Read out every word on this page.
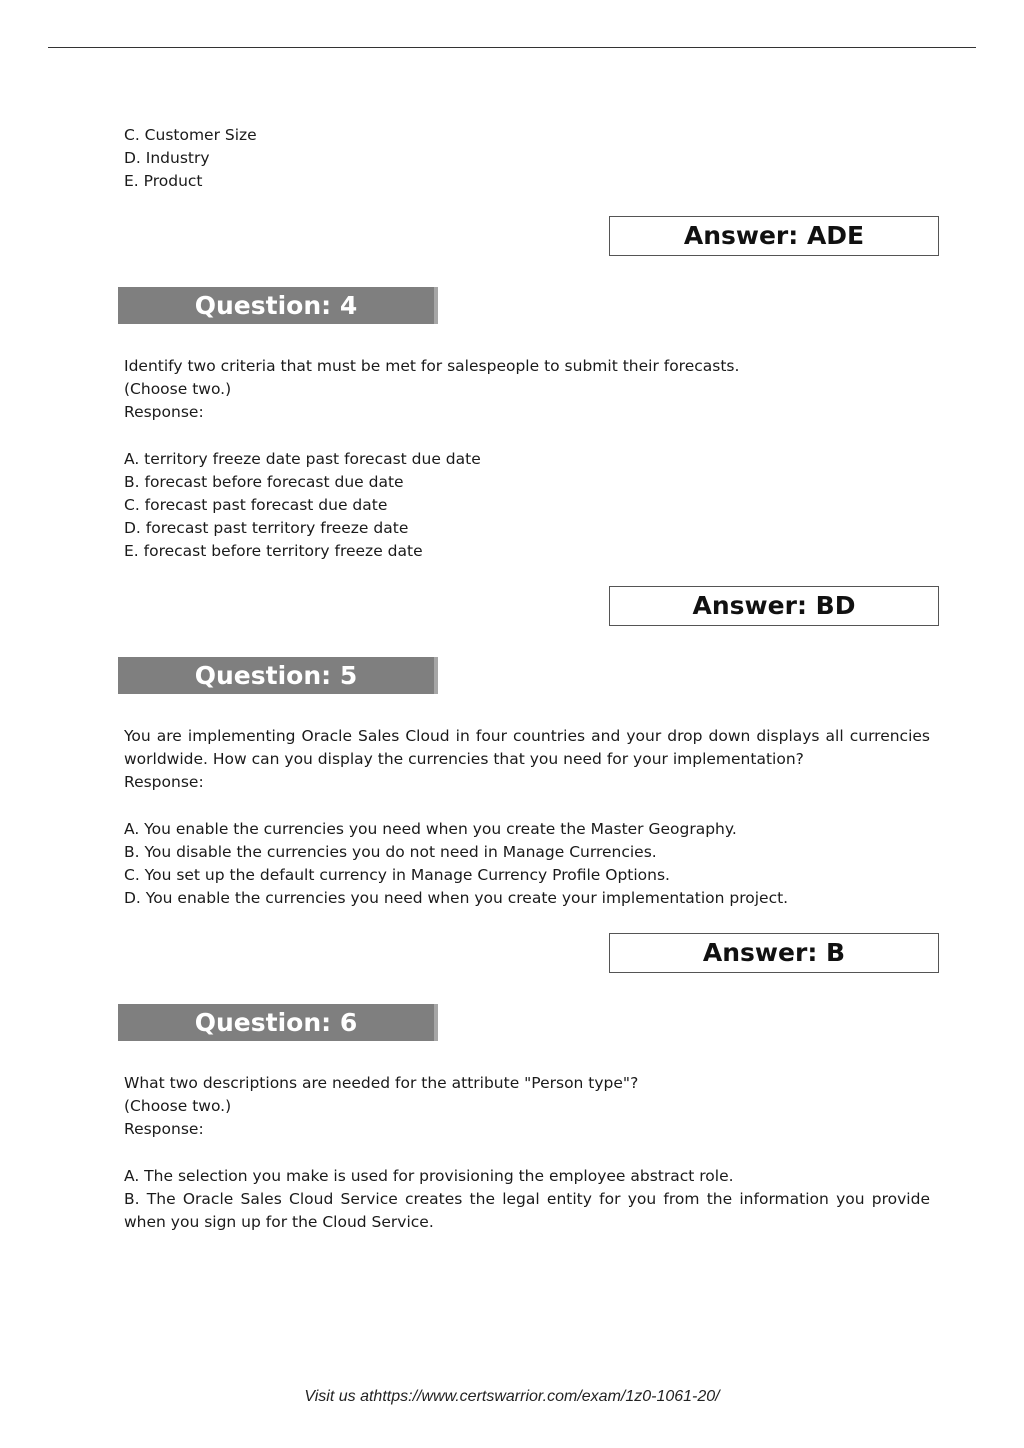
C. Customer Size
D. Industry
E. Product
Answer: ADE
Question: 4
Identify two criteria that must be met for salespeople to submit their forecasts.
(Choose two.)
Response:
A. territory freeze date past forecast due date
B. forecast before forecast due date
C. forecast past forecast due date
D. forecast past territory freeze date
E. forecast before territory freeze date
Answer: BD
Question: 5
You are implementing Oracle Sales Cloud in four countries and your drop down displays all currencies worldwide. How can you display the currencies that you need for your implementation?
Response:
A. You enable the currencies you need when you create the Master Geography.
B. You disable the currencies you do not need in Manage Currencies.
C. You set up the default currency in Manage Currency Profile Options.
D. You enable the currencies you need when you create your implementation project.
Answer: B
Question: 6
What two descriptions are needed for the attribute "Person type"?
(Choose two.)
Response:
A. The selection you make is used for provisioning the employee abstract role.
B. The Oracle Sales Cloud Service creates the legal entity for you from the information you provide when you sign up for the Cloud Service.
Visit us athttps://www.certswarrior.com/exam/1z0-1061-20/
